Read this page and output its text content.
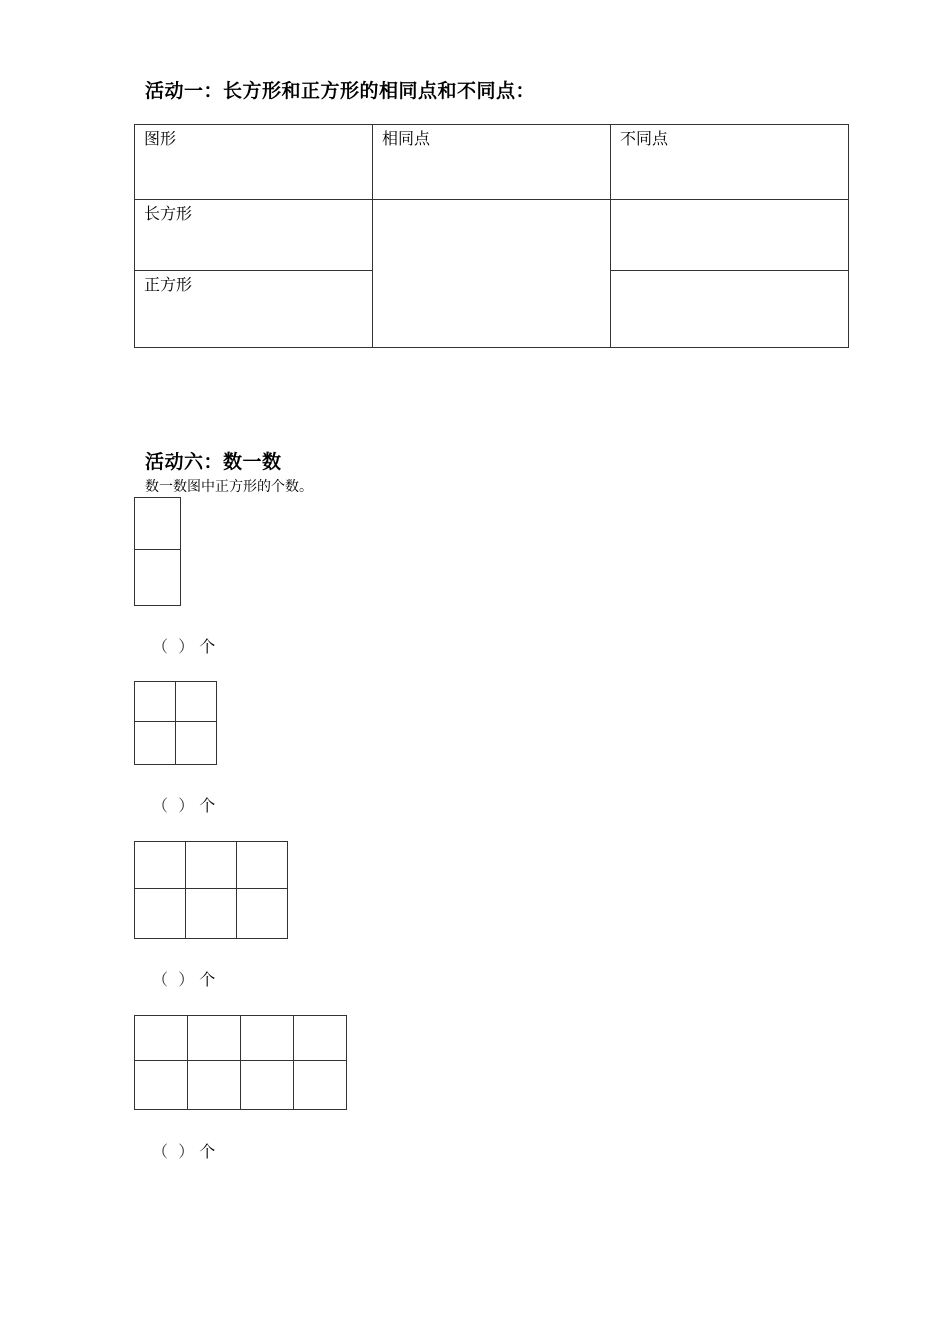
活动一：长方形和正方形的相同点和不同点：
图形	相同点	不同点
长方形		
正方形		
活动六：数一数

数一数图中正方形的个数。

（ ） 个

（ ） 个

（ ） 个

（ ） 个
